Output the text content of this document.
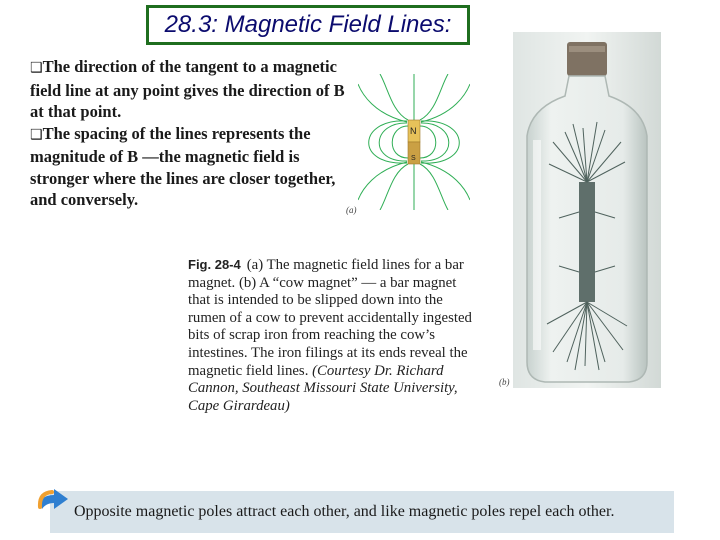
28.3: Magnetic Field Lines:

❑The direction of the tangent to a magnetic field line at any point gives the direction of B at that point.

❑The spacing of the lines represents the magnitude of B —the magnetic field is stronger where the lines are closer together, and conversely.

N
S
(a)
(b)
Fig. 28-4 (a) The magnetic field lines for a bar magnet. (b) A “cow magnet” — a bar magnet that is intended to be slipped down into the rumen of a cow to prevent accidentally ingested bits of scrap iron from reaching the cow’s intestines. The iron filings at its ends reveal the magnetic field lines. (Courtesy Dr. Richard Cannon, Southeast Missouri State University, Cape Girardeau)

Opposite magnetic poles attract each other, and like magnetic poles repel each other.
